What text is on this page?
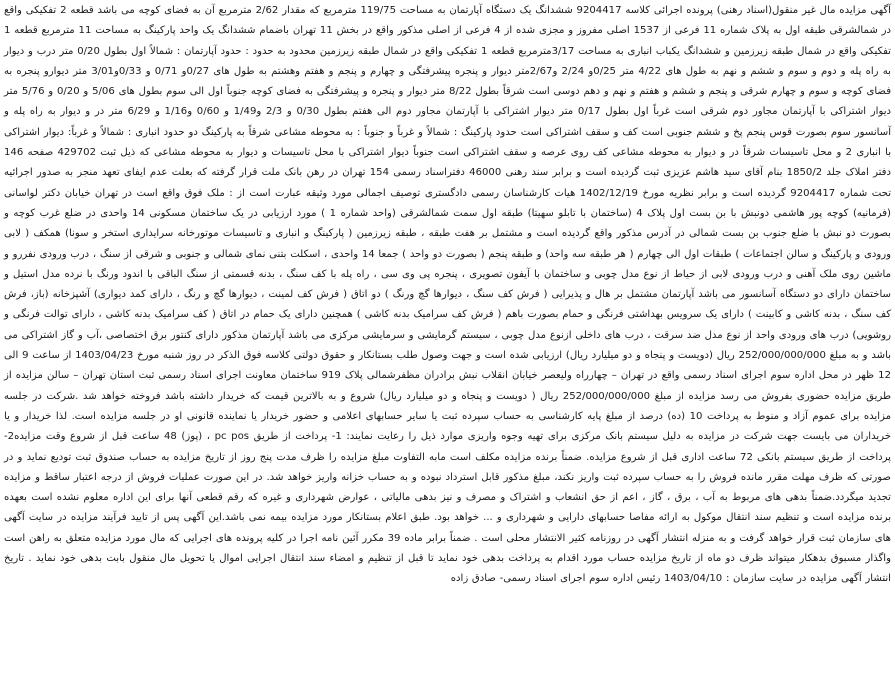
آگهی مزایده مال غیر منقول(اسناد رهنی) پرونده اجرائی کلاسه 9204417 ششدانگ یک دستگاه آپارتمان به مساحت 119/75 مترمربع که مقدار 2/62 مترمربع آن به فضای کوچه می باشد قطعه 2 تفکیکی واقع در شمالشرقی طبقه اول به پلاک شماره 11 فرعی از 1537 اصلی مفروز و مجزی شده از 4 فرعی از اصلی مذکور واقع در بخش 11 تهران باضمام ششدانگ یک واحد پارکینگ به مساحت 11 مترمربع قطعه 1 تفکیکی واقع در شمال طبقه زیرزمین و ششدانگ یکباب انباری به مساحت 3/17مترمربع قطعه 1 تفکیکی واقع در شمال طبقه زیرزمین محدود به حدود : حدود آپارتمان : شمالاً اول بطول 0/20 متر درب و دیوار به راه پله و دوم و سوم و ششم و نهم به طول های 4/22 متر 0/25و 2/24 و2/67متر دیوار و پنجره پیشرفتگی و چهارم و پنجم و هفتم وهشتم به طول های 0/27و 0/71 و 0/33و3/01 متر دیوارو پنجره به فضای کوچه و سوم و چهارم شرقی و پنجم و ششم و هفتم و نهم و دهم دوسی است شرقاً بطول 8/22 متر دیوار و پنجره و پیشرفتگی به فضای کوچه جنوباً اول الی سوم بطول های 5/06 و 0/20 و 5/76 متر دیوار اشتراکی با آپارتمان مجاور دوم شرقی است غرباً اول بطول 0/17 متر دیوار اشتراکی با آپارتمان مجاور دوم الی هفتم بطول 0/30 و 2/3 و1/49 و 0/60 و1/16 و 6/29 متر در و دیوار به راه پله و آسانسور سوم بصورت قوس پنجم پخ و ششم جنوبی است کف و سقف اشتراکی است حدود پارکینگ : شمالاً و غرباً و جنوباً : به محوطه مشاعی شرقاً به پارکینگ دو حدود انباری : شمالاً و غرباً: دیوار اشتراکی با انباری 2 و محل تاسیسات شرقاً در و دیوار به محوطه مشاعی کف روی عرصه و سقف اشتراکی است جنوباً دیوار اشتراکی با محل تاسیسات و دیوار به محوطه مشاعی که ذیل ثبت 429702 صفحه 146 دفتر املاک جلد 1850/2 بنام آقای سید هاشم عزیزی ثبت گردیده است و برابر سند رهنی 46000 دفتراسناد رسمی 154 تهران در رهن بانک ملت قرار گرفته که بعلت عدم ایفای تعهد منجر به صدور اجرائیه تحت شماره 9204417 گردیده است و برابر نظریه مورخ 1402/12/19 هیات کارشناسان رسمی دادگستری توصیف اجمالی مورد وثیقه عبارت است از : ملک فوق واقع است در تهران خیابان دکتر لواسانی (فرمانیه) کوچه پور هاشمی دونبش با بن بست اول پلاک 4 (ساختمان با تابلو سهیتا) طبقه اول سمت شمالشرقی (واحد شماره 1 ) مورد ارزیابی در یک ساختمان مسکونی 14 واحدی در ضلع غرب کوچه و بصورت دو نبش با ضلع جنوب بن بست شمالی در آدرس مذکور واقع گردیده است و مشتمل بر هفت طبقه ، طبقه زیرزمین ( پارکینگ و انباری و تاسیسات موتورخانه سرایداری استخر و سونا) همکف ( لابی ورودی و پارکینگ و سالن اجتماعات ) طبقات اول الی چهارم ( هر طبقه سه واحد) و طبقه پنجم ( بصورت دو واحد ) جمعا 14 واحدی ، اسکلت بتنی نمای شمالی و جنوبی و شرقی از سنگ ، درب ورودی نفررو و ماشین روی ملک آهنی و درب ورودی لابی از حیاط از نوع مدل چوبی و ساختمان با آیفون تصویری ، پنجره پی وی سی ، راه پله با کف سنگ ، بدنه قسمتی از سنگ الباقی با اندود ورنگ با نرده مدل استیل و ساختمان دارای دو دستگاه آسانسور می باشد آپارتمان مشتمل بر هال و پذیرایی ( فرش کف سنگ ، دیوارها گچ ورنگ ) دو اتاق ( فرش کف لمینت ، دیوارها گچ و رنگ ، دارای کمد دیواری) آشپزخانه (باز، فرش کف سنگ ، بدنه کاشی و کابینت ) دارای یک سرویس بهداشتی فرنگی و حمام بصورت باهم ( فرش کف سرامیک بدنه کاشی ) همچنین دارای یک حمام در اتاق ( کف سرامیک بدنه کاشی ، دارای توالت فرنگی و روشویی) درب های ورودی واحد از نوع مدل ضد سرقت ، درب های داخلی ازنوع مدل چوبی ، سیستم گرمایشی و سرمایشی مرکزی می باشد آپارتمان مذکور دارای کنتور برق اختصاصی ،آب و گاز اشتراکی می باشد و به مبلغ 252/000/000/000 ریال (دویست و پنجاه و دو میلیارد ریال) ارزیابی شده است و جهت وصول طلب بستانکار و حقوق دولتی کلاسه فوق الذکر در روز شنبه مورخ 1403/04/23 از ساعت 9 الی 12 ظهر در محل اداره سوم اجرای اسناد رسمی واقع در تهران – چهارراه ولیعصر خیابان انقلاب نبش برادران مظفرشمالی پلاک 919 ساختمان معاونت اجرای اسناد رسمی ثبت استان تهران – سالن مزایده از طریق مزایده حضوری بفروش می رسد مزایده از مبلغ 252/000/000/000 ریال ( دویست و پنجاه و دو میلیارد ریال) شروع و به بالاترین قیمت که خریدار داشته باشد فروخته خواهد شد .شرکت در جلسه مزایده برای عموم آزاد و منوط به پرداخت 10 (ده) درصد از مبلغ پایه کارشناسی به حساب سپرده ثبت یا سایر حسابهای اعلامی و حضور خریدار یا نماینده قانونی او در جلسه مزایده است. لذا خریدار و یا خریداران می بایست جهت شرکت در مزایده به دلیل سیستم بانک مرکزی برای تهیه وجوه واریزی موارد ذیل را رعایت نمایند: 1- پرداخت از طریق pc pos ، (پوز) 48 ساعت قبل از شروع وقت مزایده2- پرداخت از طریق سیستم بانکی 72 ساعت اداری قبل از شروع مزایده. ضمناً برنده مزایده مکلف است مابه التفاوت مبلغ مزایده را ظرف مدت پنج روز از تاریخ مزایده به حساب صندوق ثبت تودیع نماید و در صورتی که ظرف مهلت مقرر مانده فروش را به حساب سپرده ثبت واریز نکند، مبلغ مذکور قابل استرداد نبوده و به حساب خزانه واریز خواهد شد. در این صورت عملیات فروش از درجه اعتبار ساقط و مزایده تجدید میگردد.ضمناً بدهی های مربوط به آب ، برق ، گاز ، اعم از حق انشعاب و اشتراک و مصرف و نیز بدهی مالیاتی ، عوارض شهرداری و غیره که رقم قطعی آنها برای این اداره معلوم نشده است بعهده برنده مزایده است و تنظیم سند انتقال موکول به ارائه مفاصا حسابهای دارایی و شهرداری و ... خواهد بود. طبق اعلام بستانکار مورد مزایده بیمه نمی باشد.این آگهی پس از تایید فرآیند مزایده در سایت آگهی های سازمان ثبت قرار خواهد گرفت و به منزله انتشار آگهی در روزنامه کثیر الانتشار محلی است . ضمناً برابر ماده 39 مکرر آئین نامه اجرا در کلیه پرونده های اجرایی که مال مورد مزایده متعلق به راهن است واگذار مسبوق بدهکار میتواند ظرف دو ماه از تاریخ مزایده حساب مورد اقدام به پرداخت بدهی خود نماید تا قبل از تنظیم و امضاء سند انتقال اجرایی اموال یا تحویل مال منقول بابت بدهی خود نماید . تاریخ انتشار آگهی مزایده در سایت سازمان : 1403/04/10 رئیس اداره سوم اجرای اسناد رسمی- صادق زاده
